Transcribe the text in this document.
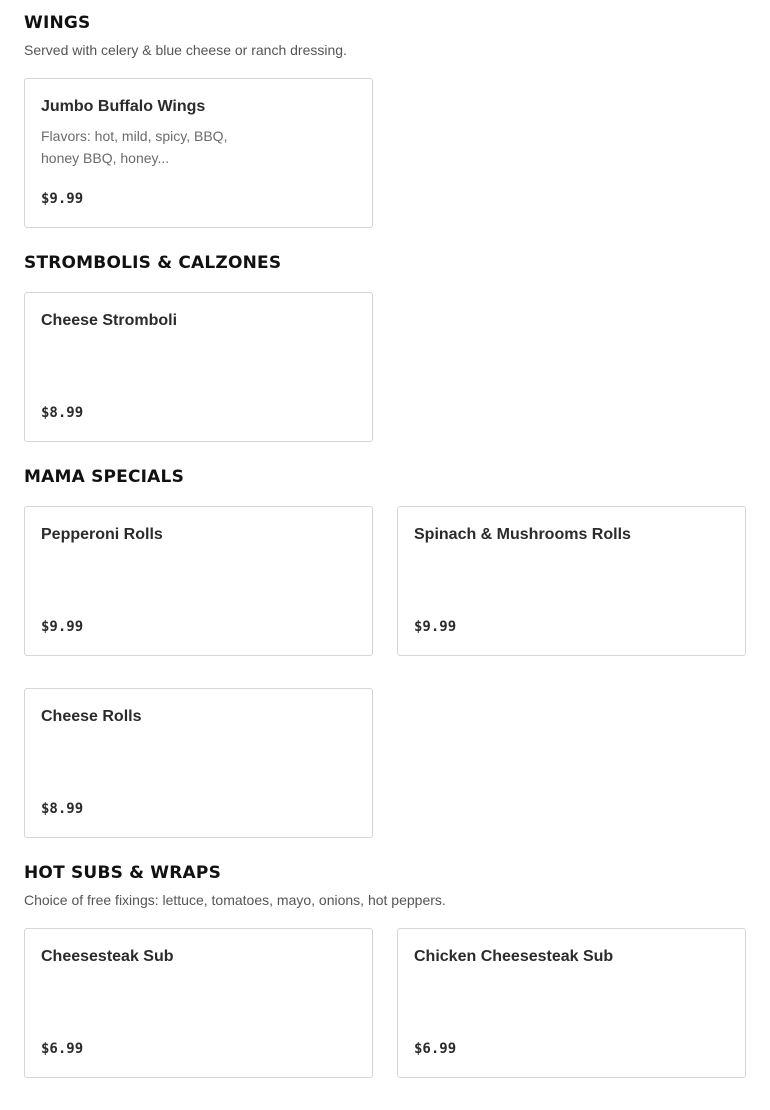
WINGS

Served with celery & blue cheese or ranch dressing.

Jumbo Buffalo Wings
Flavors: hot, mild, spicy, BBQ, honey BBQ, honey...
$9.99
STROMBOLIS & CALZONES
Cheese Stromboli
$8.99
MAMA SPECIALS
Pepperoni Rolls
$9.99
Spinach & Mushrooms Rolls
$9.99
Cheese Rolls
$8.99
HOT SUBS & WRAPS

Choice of free fixings: lettuce, tomatoes, mayo, onions, hot peppers.

Cheesesteak Sub
$6.99
Chicken Cheesesteak Sub
$6.99
